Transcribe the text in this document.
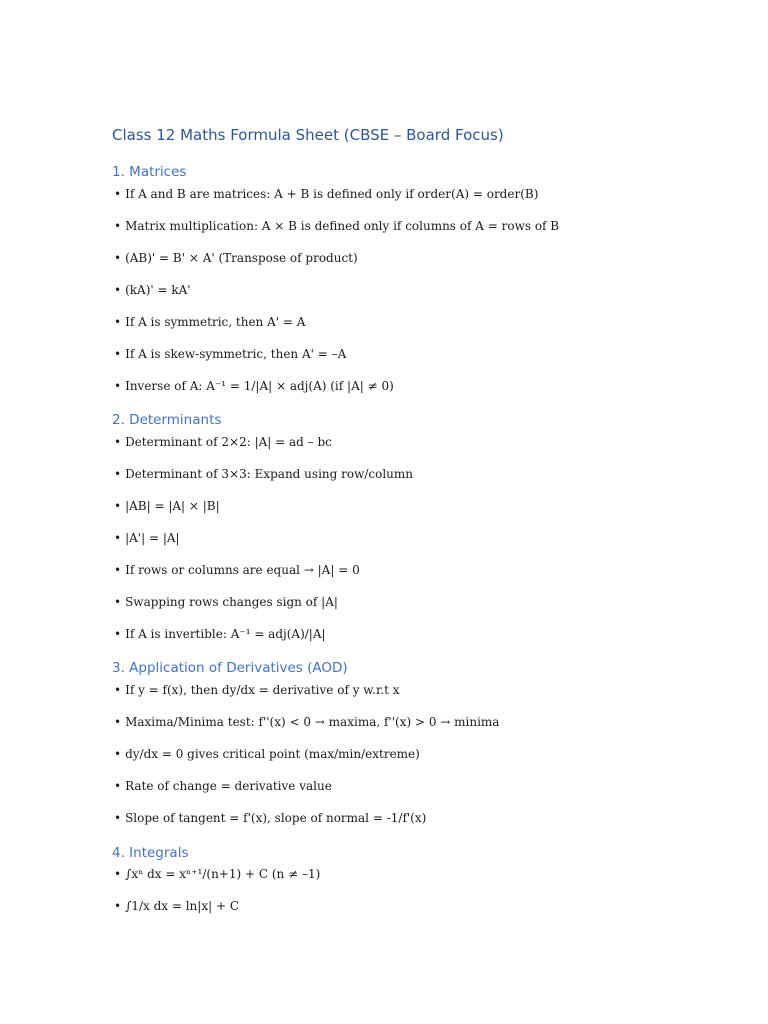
Class 12 Maths Formula Sheet (CBSE – Board Focus)
1. Matrices

• If A and B are matrices: A + B is defined only if order(A) = order(B)

• Matrix multiplication: A × B is defined only if columns of A = rows of B

• (AB)' = B' × A' (Transpose of product)

• (kA)' = kA'

• If A is symmetric, then A' = A

• If A is skew-symmetric, then A' = –A

• Inverse of A: A⁻¹ = 1/|A| × adj(A) (if |A| ≠ 0)

2. Determinants

• Determinant of 2×2: |A| = ad – bc

• Determinant of 3×3: Expand using row/column

• |AB| = |A| × |B|

• |A'| = |A|

• If rows or columns are equal → |A| = 0

• Swapping rows changes sign of |A|

• If A is invertible: A⁻¹ = adj(A)/|A|

3. Application of Derivatives (AOD)

• If y = f(x), then dy/dx = derivative of y w.r.t x

• Maxima/Minima test: f''(x) < 0 → maxima, f''(x) > 0 → minima

• dy/dx = 0 gives critical point (max/min/extreme)

• Rate of change = derivative value

• Slope of tangent = f'(x), slope of normal = -1/f'(x)

4. Integrals

• ∫xⁿ dx = xⁿ⁺¹/(n+1) + C (n ≠ –1)

• ∫1/x dx = ln|x| + C
